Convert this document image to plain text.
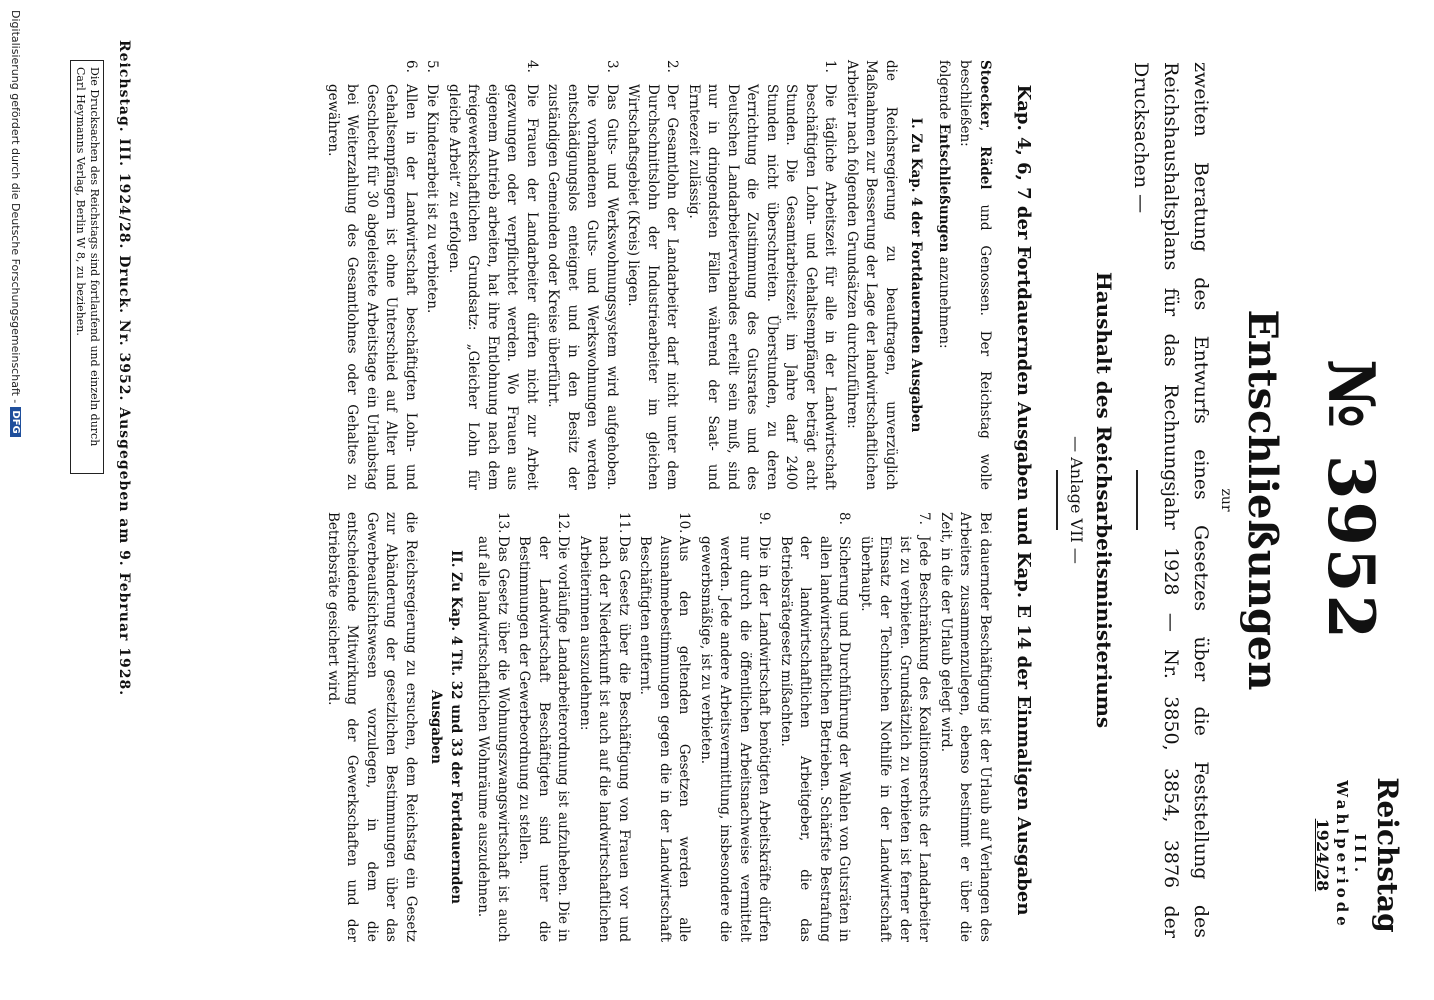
Reichstag
III. Wahlperiode
1924/28
№ 3952
Entschließungen
zur
zweiten Beratung des Entwurfs eines Gesetzes über die Feststellung des Reichshaushaltsplans für das Rechnungsjahr 1928 — Nr. 3850, 3854, 3876 der Drucksachen —
Haushalt des Reichsarbeitsministeriums
— Anlage VII —
Kap. 4, 6, 7 der Fortdauernden Ausgaben und Kap. E 14 der Einmaligen Ausgaben

Stoecker, Rädel und Genossen. Der Reichstag wolle beschließen:

folgende Entschließungen anzunehmen:

I. Zu Kap. 4 der Fortdauernden Ausgaben

die Reichsregierung zu beauftragen, unverzüglich Maßnahmen zur Besserung der Lage der landwirtschaftlichen Arbeiter nach folgenden Grundsätzen durchzuführen:

1.
Die tägliche Arbeitszeit für alle in der Landwirtschaft beschäftigten Lohn- und Gehaltsempfänger beträgt acht Stunden. Die Gesamtarbeitszeit im Jahre darf 2400 Stunden nicht überschreiten. Überstunden, zu deren Verrichtung die Zustimmung des Gutsrates und des Deutschen Landarbeiterverbandes erteilt sein muß, sind nur in dringendsten Fällen während der Saat- und Ernteezeit zulässig.
2.
Der Gesamtlohn der Landarbeiter darf nicht unter dem Durchschnittslohn der Industriearbeiter im gleichen Wirtschaftsgebiet (Kreis) liegen.
3.
Das Guts- und Werkswohnungssystem wird aufgehoben. Die vorhandenen Guts- und Werkswohnungen werden entschädigungslos enteignet und in den Besitz der zuständigen Gemeinden oder Kreise überführt.
4.
Die Frauen der Landarbeiter dürfen nicht zur Arbeit gezwungen oder verpflichtet werden. Wo Frauen aus eigenem Antrieb arbeiten, hat ihre Entlohnung nach dem freigewerkschaftlichen Grundsatz: „Gleicher Lohn für gleiche Arbeit“ zu erfolgen.
5.
Die Kinderarbeit ist zu verbieten.
6.
Allen in der Landwirtschaft beschäftigten Lohn- und Gehaltsempfängern ist ohne Unterschied auf Alter und Geschlecht für 30 abgeleistete Arbeitstage ein Urlaubstag bei Weiterzahlung des Gesamtlohnes oder Gehaltes zu gewähren.

Bei dauernder Beschäftigung ist der Urlaub auf Verlangen des Arbeiters zusammenzulegen, ebenso bestimmt er über die Zeit, in die der Urlaub gelegt wird.

7.
Jede Beschränkung des Koalitionsrechts der Landarbeiter ist zu verbieten. Grundsätzlich zu verbieten ist ferner der Einsatz der Technischen Nothilfe in der Landwirtschaft überhaupt.
8.
Sicherung und Durchführung der Wahlen von Gutsräten in allen landwirtschaftlichen Betrieben. Schärfste Bestrafung der landwirtschaftlichen Arbeitgeber, die das Betriebsrätegesetz mißachten.
9.
Die in der Landwirtschaft benötigten Arbeitskräfte dürfen nur durch die öffentlichen Arbeitsnachweise vermittelt werden. Jede andere Arbeitsvermittlung, insbesondere die gewerbsmäßige, ist zu verbieten.
10.
Aus den geltenden Gesetzen werden alle Ausnahmebestimmungen gegen die in der Landwirtschaft Beschäftigten entfernt.
11.
Das Gesetz über die Beschäftigung von Frauen vor und nach der Niederkunft ist auch auf die landwirtschaftlichen Arbeiterinnen auszudehnen:
12.
Die vorläufige Landarbeiterordnung ist aufzuheben. Die in der Landwirtschaft Beschäftigten sind unter die Bestimmungen der Gewerbeordnung zu stellen.
13.
Das Gesetz über die Wohnungszwangswirtschaft ist auch auf alle landwirtschaftlichen Wohnräume auszudehnen.
II. Zu Kap. 4 Tit. 32 und 33 der Fortdauernden Ausgaben

die Reichsregierung zu ersuchen, dem Reichstag ein Gesetz zur Abänderung der gesetzlichen Bestimmungen über das Gewerbeaufsichtswesen vorzulegen, in dem die entscheidende Mitwirkung der Gewerkschaften und der Betriebsräte gesichert wird.

Reichstag. III. 1924/28. Druck. Nr. 3952. Ausgegeben am 9. Februar 1928.
Die Drucksachen des Reichstags sind fortlaufend und einzeln durch Carl Heymanns Verlag, Berlin W 8, zu beziehen.
Digitalisierung gefördert durch die Deutsche Forschungsgemeinschaft -
DFG
